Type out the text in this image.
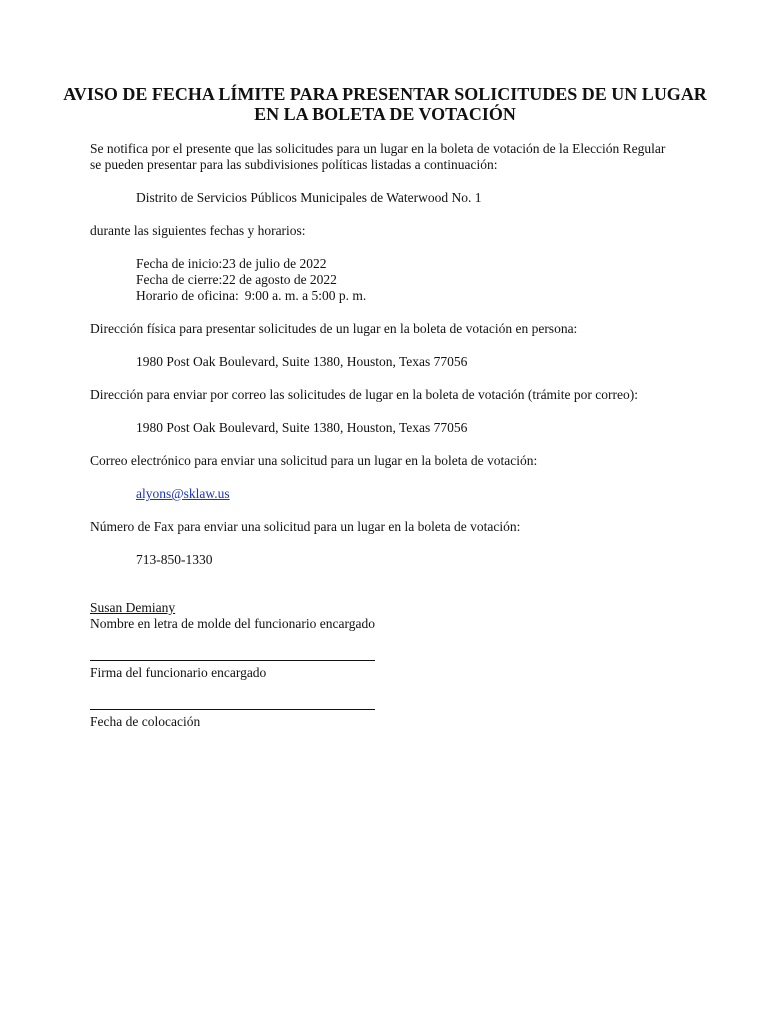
AVISO DE FECHA LÍMITE PARA PRESENTAR SOLICITUDES DE UN LUGAR EN LA BOLETA DE VOTACIÓN

Se notifica por el presente que las solicitudes para un lugar en la boleta de votación de la Elección Regular

se pueden presentar para las subdivisiones políticas listadas a continuación:

Distrito de Servicios Públicos Municipales de Waterwood No. 1

durante las siguientes fechas y horarios:

Fecha de inicio: 23 de julio de 2022
Fecha de cierre: 22 de agosto de 2022
Horario de oficina: 9:00 a. m. a 5:00 p. m.

Dirección física para presentar solicitudes de un lugar en la boleta de votación en persona:

1980 Post Oak Boulevard, Suite 1380, Houston, Texas 77056

Dirección para enviar por correo las solicitudes de lugar en la boleta de votación (trámite por correo):

1980 Post Oak Boulevard, Suite 1380, Houston, Texas 77056

Correo electrónico para enviar una solicitud para un lugar en la boleta de votación:

alyons@sklaw.us

Número de Fax para enviar una solicitud para un lugar en la boleta de votación:

713-850-1330

Susan Demiany

Nombre en letra de molde del funcionario encargado

Firma del funcionario encargado

Fecha de colocación
